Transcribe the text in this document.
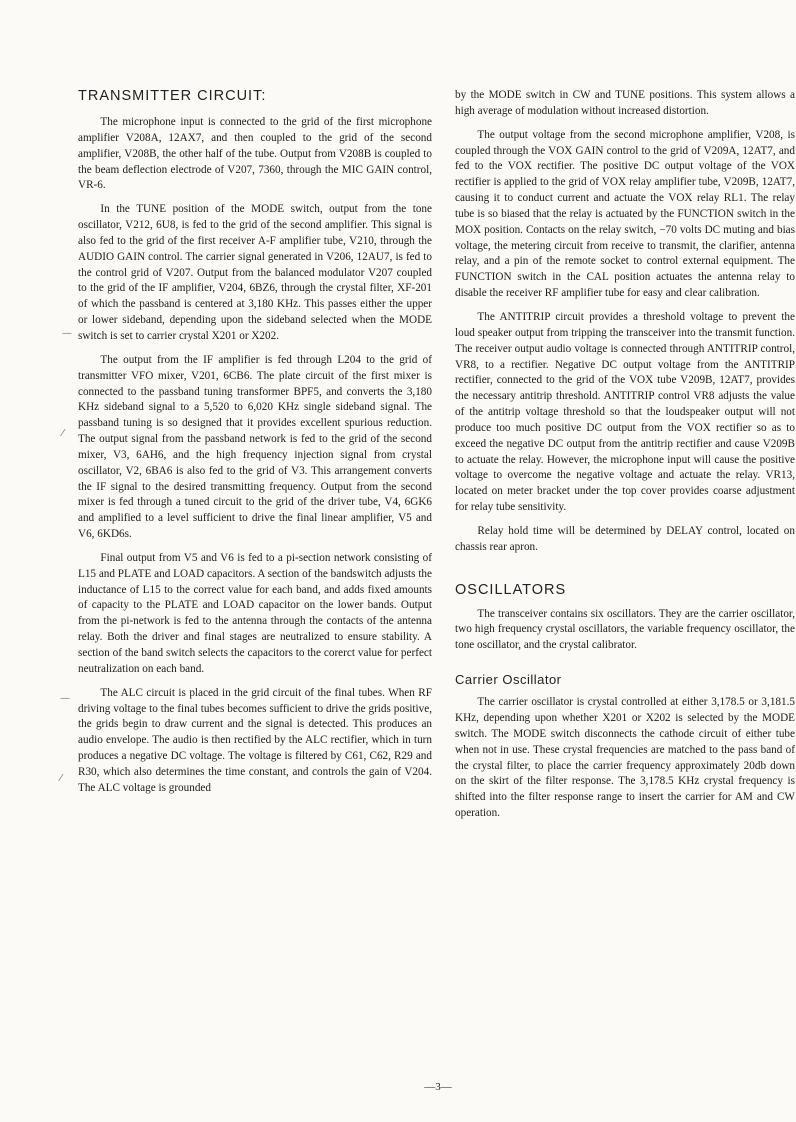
TRANSMITTER CIRCUIT:

The microphone input is connected to the grid of the first microphone amplifier V208A, 12AX7, and then coupled to the grid of the second amplifier, V208B, the other half of the tube. Output from V208B is coupled to the beam deflection electrode of V207, 7360, through the MIC GAIN control, VR-6.

In the TUNE position of the MODE switch, output from the tone oscillator, V212, 6U8, is fed to the grid of the second amplifier. This signal is also fed to the grid of the first receiver A-F amplifier tube, V210, through the AUDIO GAIN control. The carrier signal generated in V206, 12AU7, is fed to the control grid of V207. Output from the balanced modulator V207 coupled to the grid of the IF amplifier, V204, 6BZ6, through the crystal filter, XF-201 of which the passband is centered at 3,180 KHz. This passes either the upper or lower sideband, depending upon the sideband selected when the MODE switch is set to carrier crystal X201 or X202.

The output from the IF amplifier is fed through L204 to the grid of transmitter VFO mixer, V201, 6CB6. The plate circuit of the first mixer is connected to the passband tuning transformer BPF5, and converts the 3,180 KHz sideband signal to a 5,520 to 6,020 KHz single sideband signal. The passband tuning is so designed that it provides excellent spurious reduction. The output signal from the passband network is fed to the grid of the second mixer, V3, 6AH6, and the high frequency injection signal from crystal oscillator, V2, 6BA6 is also fed to the grid of V3. This arrangement converts the IF signal to the desired transmitting frequency. Output from the second mixer is fed through a tuned circuit to the grid of the driver tube, V4, 6GK6 and amplified to a level sufficient to drive the final linear amplifier, V5 and V6, 6KD6s.

Final output from V5 and V6 is fed to a pi-section network consisting of L15 and PLATE and LOAD capacitors. A section of the bandswitch adjusts the inductance of L15 to the correct value for each band, and adds fixed amounts of capacity to the PLATE and LOAD capacitor on the lower bands. Output from the pi-network is fed to the antenna through the contacts of the antenna relay. Both the driver and final stages are neutralized to ensure stability. A section of the band switch selects the capacitors to the corerct value for perfect neutralization on each band.

The ALC circuit is placed in the grid circuit of the final tubes. When RF driving voltage to the final tubes becomes sufficient to drive the grids positive, the grids begin to draw current and the signal is detected. This produces an audio envelope. The audio is then rectified by the ALC rectifier, which in turn produces a negative DC voltage. The voltage is filtered by C61, C62, R29 and R30, which also determines the time constant, and controls the gain of V204. The ALC voltage is grounded

by the MODE switch in CW and TUNE positions. This system allows a high average of modulation without increased distortion.

The output voltage from the second microphone amplifier, V208, is coupled through the VOX GAIN control to the grid of V209A, 12AT7, and fed to the VOX rectifier. The positive DC output voltage of the VOX rectifier is applied to the grid of VOX relay amplifier tube, V209B, 12AT7, causing it to conduct current and actuate the VOX relay RL1. The relay tube is so biased that the relay is actuated by the FUNCTION switch in the MOX position. Contacts on the relay switch, −70 volts DC muting and bias voltage, the metering circuit from receive to transmit, the clarifier, antenna relay, and a pin of the remote socket to control external equipment. The FUNCTION switch in the CAL position actuates the antenna relay to disable the receiver RF amplifier tube for easy and clear calibration.

The ANTITRIP circuit provides a threshold voltage to prevent the loud speaker output from tripping the transceiver into the transmit function. The receiver output audio voltage is connected through ANTITRIP control, VR8, to a rectifier. Negative DC output voltage from the ANTITRIP rectifier, connected to the grid of the VOX tube V209B, 12AT7, provides the necessary antitrip threshold. ANTITRIP control VR8 adjusts the value of the antitrip voltage threshold so that the loudspeaker output will not produce too much positive DC output from the VOX rectifier so as to exceed the negative DC output from the antitrip rectifier and cause V209B to actuate the relay. However, the microphone input will cause the positive voltage to overcome the negative voltage and actuate the relay. VR13, located on meter bracket under the top cover provides coarse adjustment for relay tube sensitivity.

Relay hold time will be determined by DELAY control, located on chassis rear apron.

OSCILLATORS

The transceiver contains six oscillators. They are the carrier oscillator, two high frequency crystal oscillators, the variable frequency oscillator, the tone oscillator, and the crystal calibrator.

Carrier Oscillator

The carrier oscillator is crystal controlled at either 3,178.5 or 3,181.5 KHz, depending upon whether X201 or X202 is selected by the MODE switch. The MODE switch disconnects the cathode circuit of either tube when not in use. These crystal frequencies are matched to the pass band of the crystal filter, to place the carrier frequency approximately 20db down on the skirt of the filter response. The 3,178.5 KHz crystal frequency is shifted into the filter response range to insert the carrier for AM and CW operation.

—
⁄
—
⁄
—3—
